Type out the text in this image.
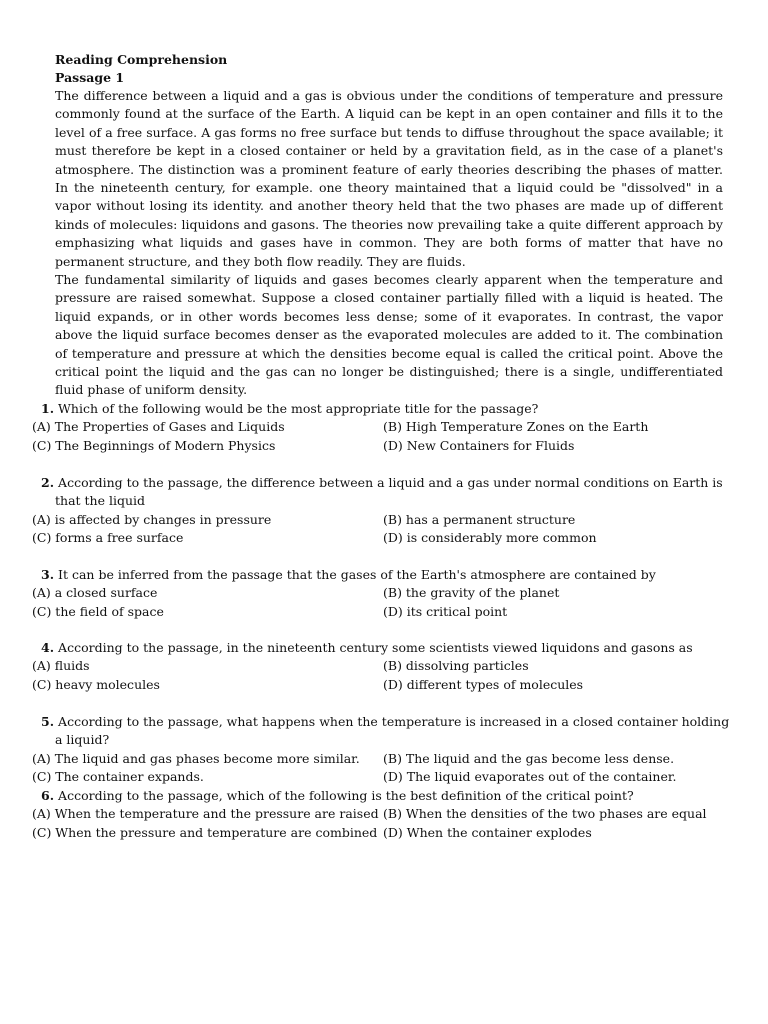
Reading Comprehension
Passage 1
The difference between a liquid and a gas is obvious under the conditions of temperature and pressure commonly found at the surface of the Earth. A liquid can be kept in an open container and fills it to the level of a free surface. A gas forms no free surface but tends to diffuse throughout the space available; it must therefore be kept in a closed container or held by a gravitation field, as in the case of a planet's atmosphere. The distinction was a prominent feature of early theories describing the phases of matter. In the nineteenth century, for example. one theory maintained that a liquid could be "dissolved" in a vapor without losing its identity. and another theory held that the two phases are made up of different kinds of molecules: liquidons and gasons. The theories now prevailing take a quite different approach by emphasizing what liquids and gases have in common. They are both forms of matter that have no permanent structure, and they both flow readily. They are fluids.
The fundamental similarity of liquids and gases becomes clearly apparent when the temperature and pressure are raised somewhat. Suppose a closed container partially filled with a liquid is heated. The liquid expands, or in other words becomes less dense; some of it evaporates. In contrast, the vapor above the liquid surface becomes denser as the evaporated molecules are added to it. The combination of temperature and pressure at which the densities become equal is called the critical point. Above the critical point the liquid and the gas can no longer be distinguished; there is a single, undifferentiated fluid phase of uniform density.
1. Which of the following would be the most appropriate title for the passage?
(A) The Properties of Gases and Liquids	(B) High Temperature Zones on the Earth
(C) The Beginnings of Modern Physics	(D) New Containers for Fluids
2. According to the passage, the difference between a liquid and a gas under normal conditions on Earth is that the liquid
(A) is affected by changes in pressure	(B) has a permanent structure
(C) forms a free surface	(D) is considerably more common
3. It can be inferred from the passage that the gases of the Earth's atmosphere are contained by
(A) a closed surface	(B) the gravity of the planet
(C) the field of space	(D) its critical point
4. According to the passage, in the nineteenth century some scientists viewed liquidons and gasons as
(A) fluids	(B) dissolving particles
(C) heavy molecules	(D) different types of molecules
5. According to the passage, what happens when the temperature is increased in a closed container holding a liquid?
(A) The liquid and gas phases become more similar.	(B) The liquid and the gas become less dense.
(C) The container expands.	(D) The liquid evaporates out of the container.
6. According to the passage, which of the following is the best definition of the critical point?
(A) When the temperature and the pressure are raised (B) When the densities of the two phases are equal
(C) When the pressure and temperature are combined (D) When the container explodes
